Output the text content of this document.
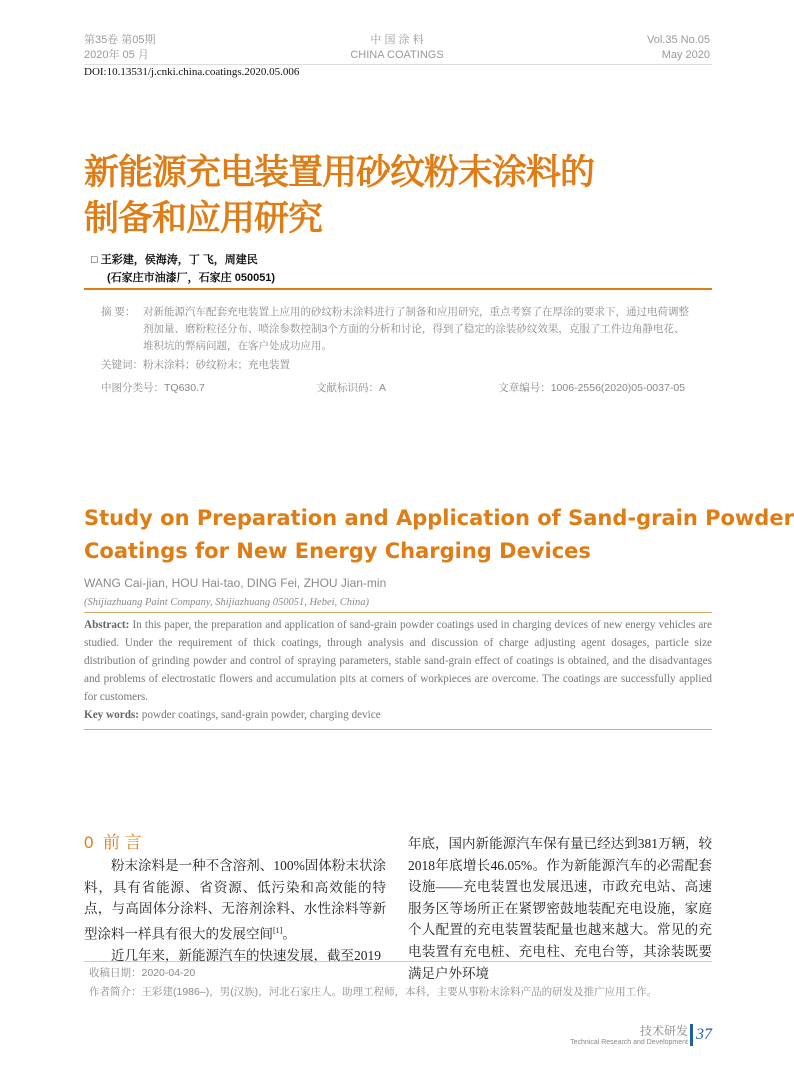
第35卷 第05期
2020年 05 月
中 国 涂 料
CHINA COATINGS
Vol.35 No.05
May 2020
DOI:10.13531/j.cnki.china.coatings.2020.05.006
新能源充电装置用砂纹粉末涂料的
制备和应用研究
□ 王彩建，侯海涛，丁 飞，周建民
(石家庄市油漆厂，石家庄 050051)
摘 要： 对新能源汽车配套充电装置上应用的砂纹粉末涂料进行了制备和应用研究，重点考察了在厚涂的要求下，通过电荷调整剂加量、磨粉粒径分布、喷涂参数控制3个方面的分析和讨论，得到了稳定的涂装砂纹效果，克服了工件边角静电花、堆积坑的弊病问题，在客户处成功应用。
关键词：粉末涂料；砂纹粉末；充电装置
中图分类号：TQ630.7	文献标识码：A	文章编号：1006-2556(2020)05-0037-05
Study on Preparation and Application of Sand-grain Powder
Coatings for New Energy Charging Devices
WANG Cai-jian, HOU Hai-tao, DING Fei, ZHOU Jian-min
(Shijiazhuang Paint Company, Shijiazhuang 050051, Hebei, China)
Abstract: In this paper, the preparation and application of sand-grain powder coatings used in charging devices of new energy vehicles are studied. Under the requirement of thick coatings, through analysis and discussion of charge adjusting agent dosages, particle size distribution of grinding powder and control of spraying parameters, stable sand-grain effect of coatings is obtained, and the disadvantages and problems of electrostatic flowers and accumulation pits at corners of workpieces are overcome. The coatings are successfully applied for customers.
Key words: powder coatings, sand-grain powder, charging device
0 前 言
粉末涂料是一种不含溶剂、100%固体粉末状涂料，具有省能源、省资源、低污染和高效能的特点，与高固体分涂料、无溶剂涂料、水性涂料等新型涂料一样具有很大的发展空间[1]。
近几年来，新能源汽车的快速发展，截至2019
年底，国内新能源汽车保有量已经达到381万辆，较2018年底增长46.05%。作为新能源汽车的必需配套设施——充电装置也发展迅速，市政充电站、高速服务区等场所正在紧锣密鼓地装配充电设施，家庭个人配置的充电装置装配量也越来越大。常见的充电装置有充电桩、充电柱、充电台等，其涂装既要满足户外环境
收稿日期：2020-04-20
作者简介：王彩建(1986–)，男(汉族)，河北石家庄人。助理工程师，本科，主要从事粉末涂料产品的研发及推广应用工作。
技术研发
Technical Research and Development 37
